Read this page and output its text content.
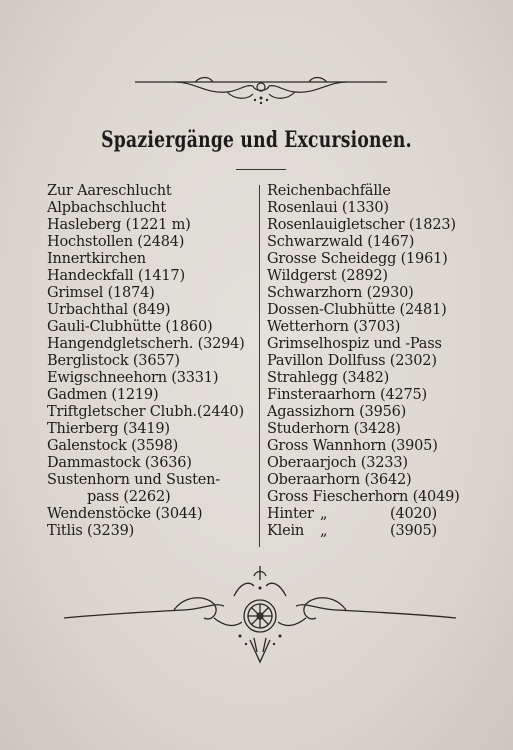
Spaziergänge und Excursionen.
Zur Aareschlucht
Alpbachschlucht
Hasleberg (1221 m)
Hochstollen (2484)
Innertkirchen
Handeckfall (1417)
Grimsel (1874)
Urbachthal (849)
Gauli-Clubhütte (1860)
Hangendgletscherh. (3294)
Berglistock (3657)
Ewigschneehorn (3331)
Gadmen (1219)
Triftgletscher Clubh.(2440)
Thierberg (3419)
Galenstock (3598)
Dammastock (3636)
Sustenhorn und Susten-
pass (2262)
Wendenstöcke (3044)
Titlis (3239)
Reichenbachfälle
Rosenlaui (1330)
Rosenlauigletscher (1823)
Schwarzwald (1467)
Grosse Scheidegg (1961)
Wildgerst (2892)
Schwarzhorn (2930)
Dossen-Clubhütte (2481)
Wetterhorn (3703)
Grimselhospiz und -Pass
Pavillon Dollfuss (2302)
Strahlegg (3482)
Finsteraarhorn (4275)
Agassizhorn (3956)
Studerhorn (3428)
Gross Wannhorn (3905)
Oberaarjoch (3233)
Oberaarhorn (3642)
Gross Fiescherhorn (4049)
Hinter „	(4020)
Klein	„	(3905)
